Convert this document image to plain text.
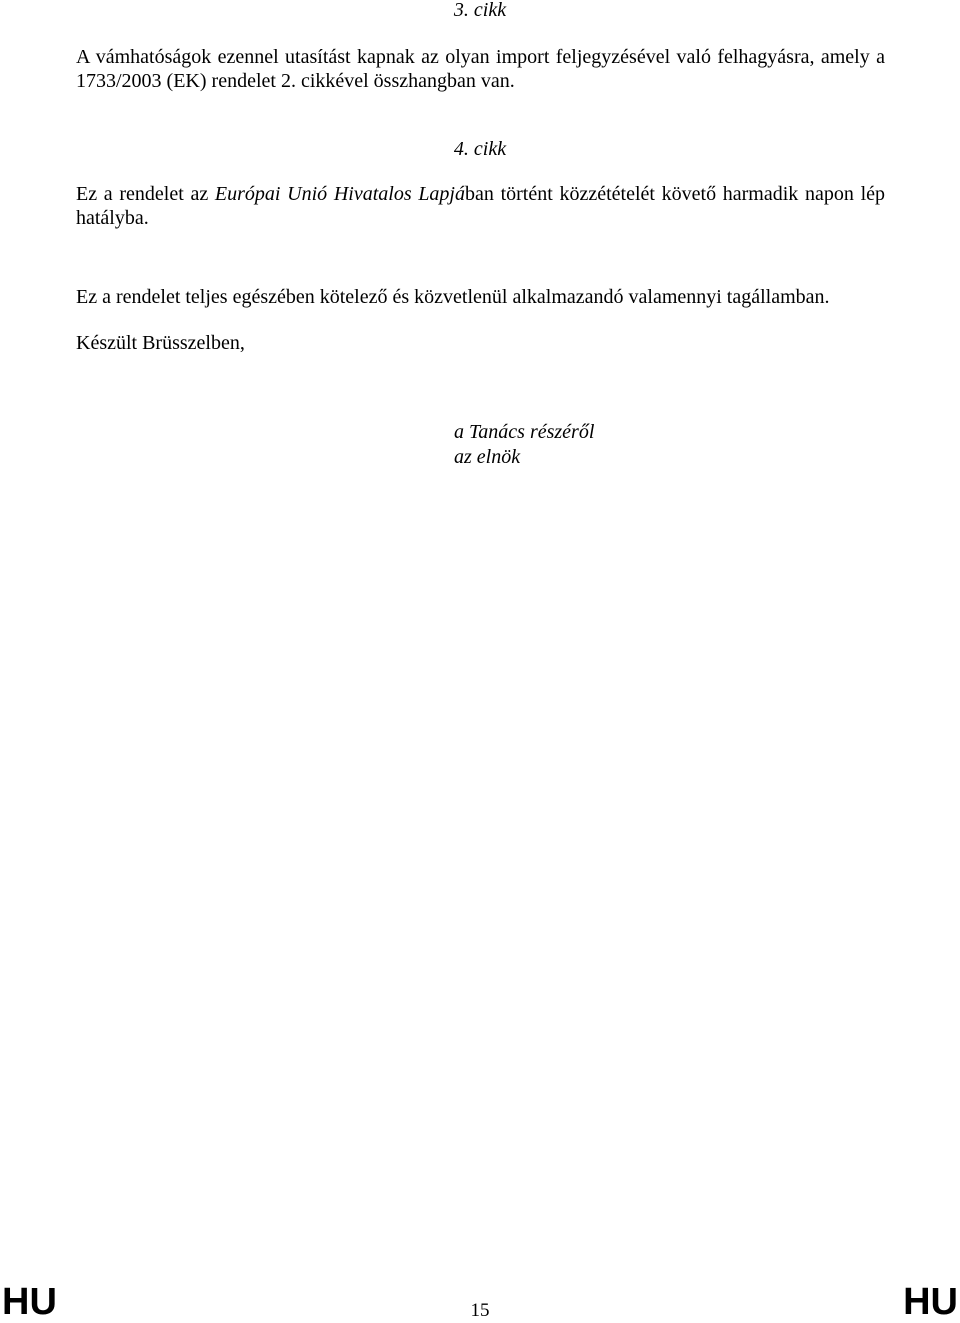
3. cikk
A vámhatóságok ezennel utasítást kapnak az olyan import feljegyzésével való felhagyásra, amely a 1733/2003 (EK) rendelet 2. cikkével összhangban van.
4. cikk
Ez a rendelet az Európai Unió Hivatalos Lapjában történt közzétételét követő harmadik napon lép hatályba.
Ez a rendelet teljes egészében kötelező és közvetlenül alkalmazandó valamennyi tagállamban.
Készült Brüsszelben,
a Tanács részéről
az elnök
HU	15	HU
